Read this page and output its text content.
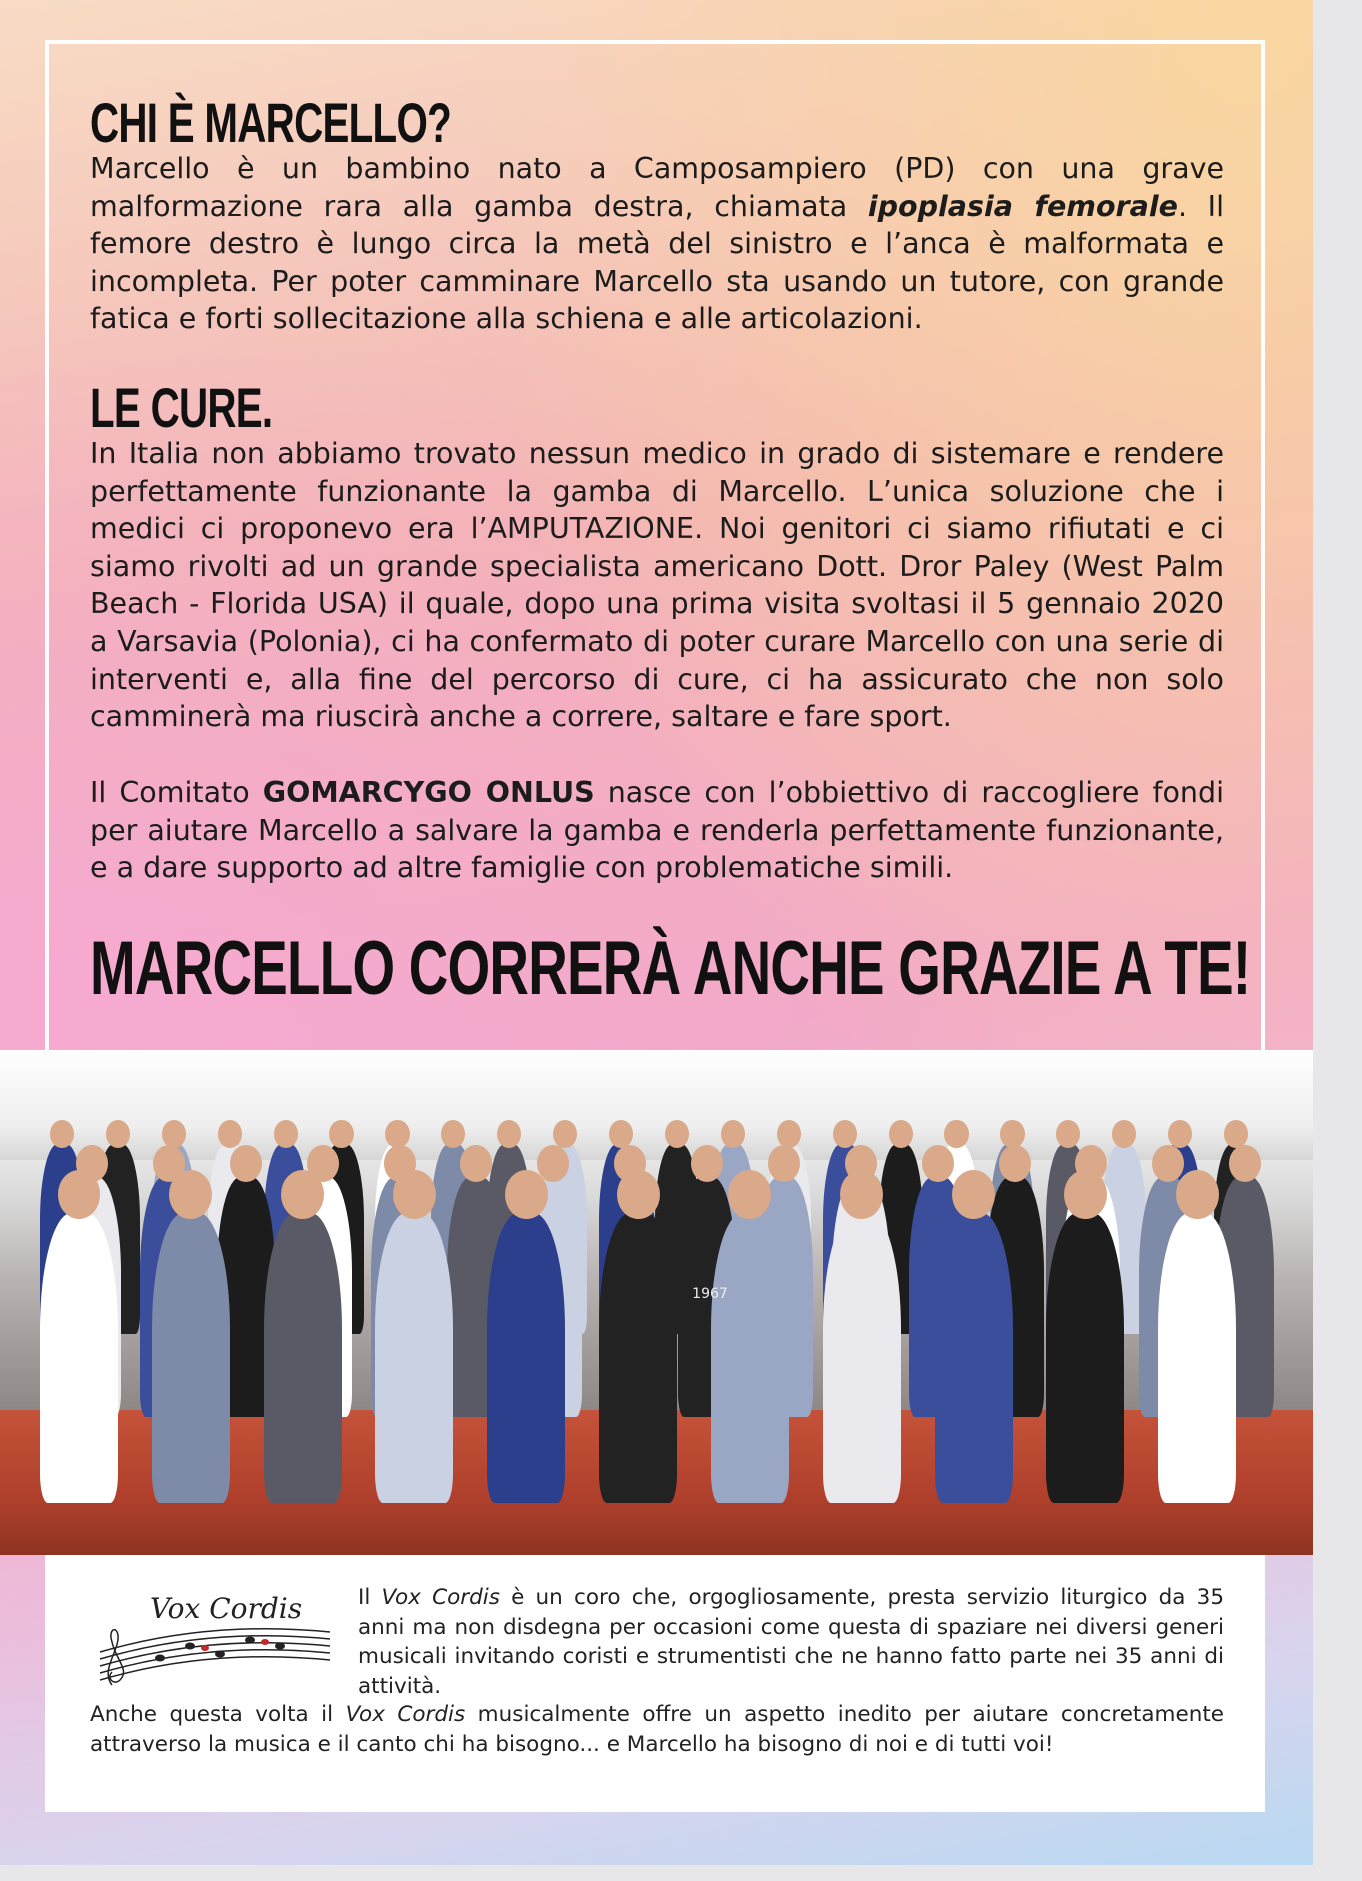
CHI È MARCELLO?

Marcello è un bambino nato a Camposampiero (PD) con una grave malformazione rara alla gamba destra, chiamata ipoplasia femorale. Il femore destro è lungo circa la metà del sinistro e l’anca è malformata e incompleta. Per poter camminare Marcello sta usando un tutore, con grande fatica e forti sollecitazione alla schiena e alle articolazioni.

LE CURE.

In Italia non abbiamo trovato nessun medico in grado di sistemare e rendere perfettamente funzionante la gamba di Marcello. L’unica soluzione che i medici ci proponevo era l’AMPUTAZIONE. Noi genitori ci siamo rifiutati e ci siamo rivolti ad un grande specialista americano Dott. Dror Paley (West Palm Beach - Florida USA) il quale, dopo una prima visita svoltasi il 5 gennaio 2020 a Varsavia (Polonia), ci ha confermato di poter curare Marcello con una serie di interventi e, alla fine del percorso di cure, ci ha assicurato che non solo camminerà ma riuscirà anche a correre, saltare e fare sport.

Il Comitato GOMARCYGO ONLUS nasce con l’obbiettivo di raccogliere fondi per aiutare Marcello a salvare la gamba e renderla perfettamente funzionante, e a dare supporto ad altre famiglie con problematiche simili.

MARCELLO CORRERÀ ANCHE GRAZIE A TE!
1967
Vox Cordis	Il Vox Cordis è un coro che, orgogliosamente, presta servizio liturgico da 35 anni ma non disdegna per occasioni come questa di spaziare nei diversi generi musicali invitando coristi e strumentisti che ne hanno fatto parte nei 35 anni di attività.

Anche questa volta il Vox Cordis musicalmente offre un aspetto inedito per aiutare concretamente attraverso la musica e il canto chi ha bisogno... e Marcello ha bisogno di noi e di tutti voi!
